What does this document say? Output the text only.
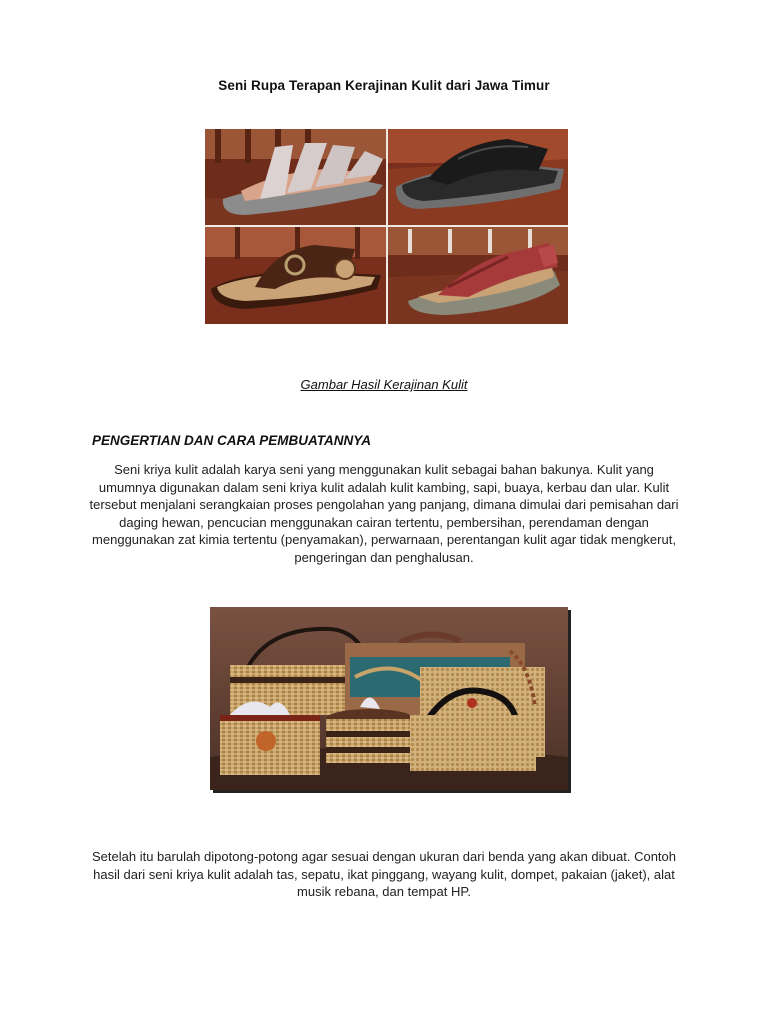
Seni Rupa Terapan Kerajinan Kulit dari Jawa Timur
Gambar Hasil Kerajinan Kulit
PENGERTIAN DAN CARA PEMBUATANNYA
Seni kriya kulit adalah karya seni yang menggunakan kulit sebagai bahan bakunya. Kulit yang umumnya digunakan dalam seni kriya kulit adalah kulit kambing, sapi, buaya, kerbau dan ular. Kulit tersebut menjalani serangkaian proses pengolahan yang panjang, dimana dimulai dari pemisahan dari daging hewan, pencucian menggunakan cairan tertentu, pembersihan, perendaman dengan menggunakan zat kimia tertentu (penyamakan), perwarnaan, perentangan kulit agar tidak mengkerut, pengeringan dan penghalusan.
Setelah itu barulah dipotong-potong agar sesuai dengan ukuran dari benda yang akan dibuat. Contoh hasil dari seni kriya kulit adalah tas, sepatu, ikat pinggang, wayang kulit, dompet, pakaian (jaket), alat musik rebana, dan tempat HP.
